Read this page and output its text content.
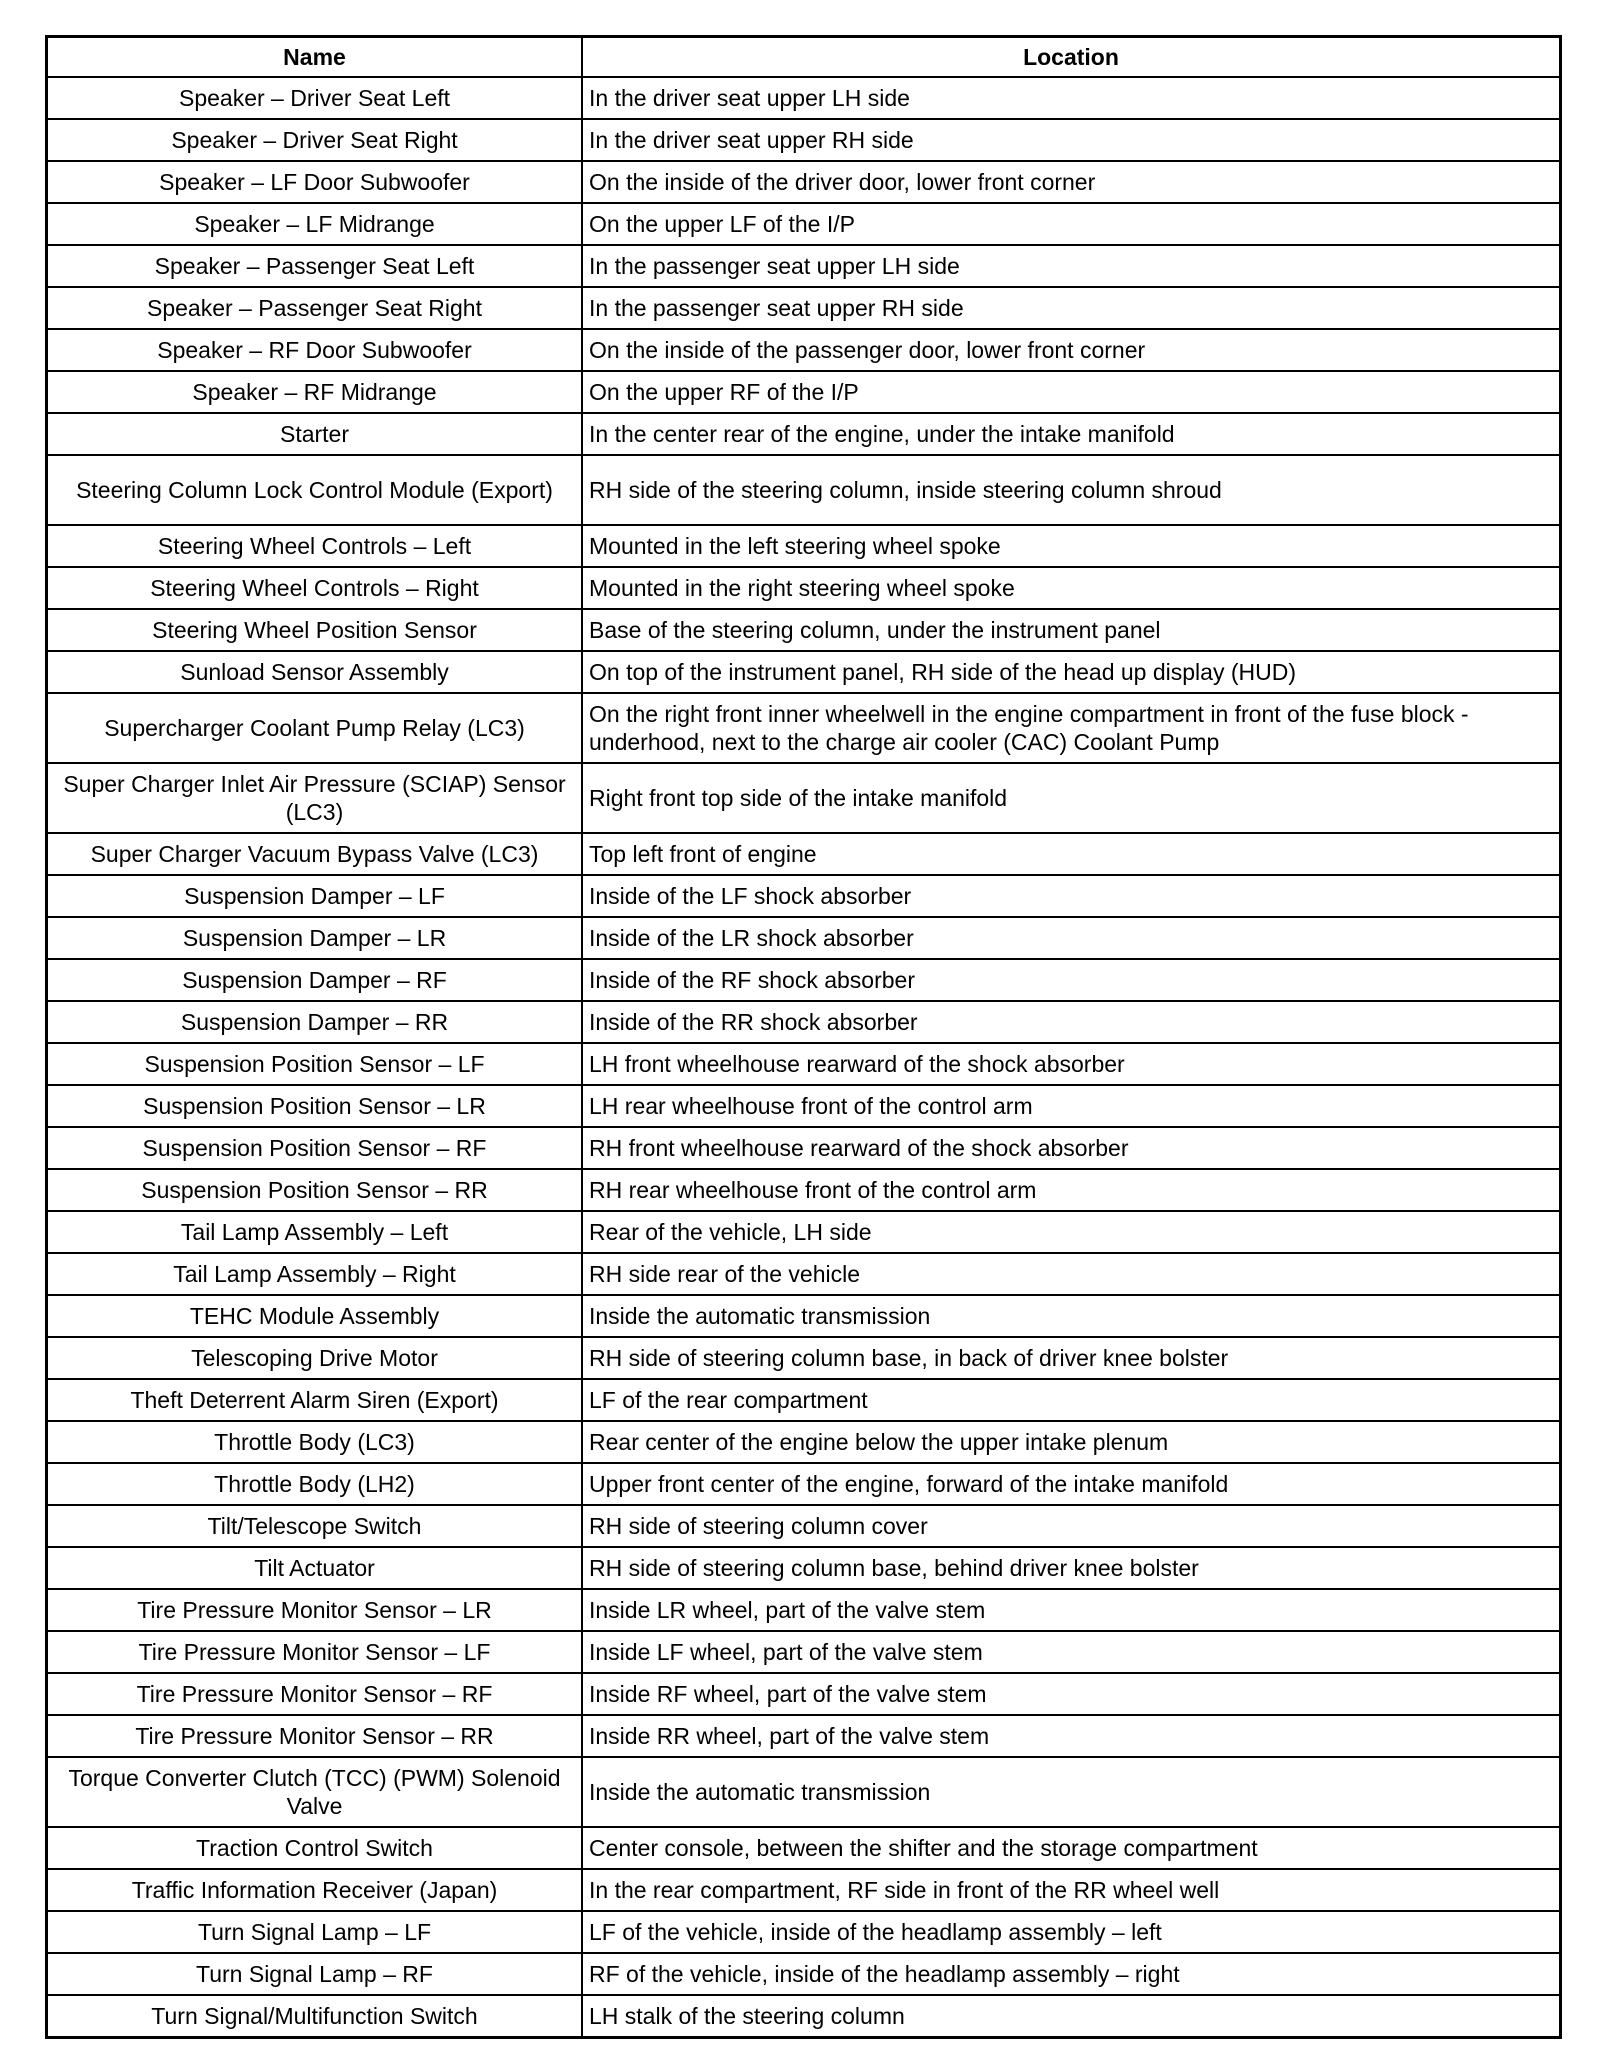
Name	Location
Speaker – Driver Seat Left	In the driver seat upper LH side
Speaker – Driver Seat Right	In the driver seat upper RH side
Speaker – LF Door Subwoofer	On the inside of the driver door, lower front corner
Speaker – LF Midrange	On the upper LF of the I/P
Speaker – Passenger Seat Left	In the passenger seat upper LH side
Speaker – Passenger Seat Right	In the passenger seat upper RH side
Speaker – RF Door Subwoofer	On the inside of the passenger door, lower front corner
Speaker – RF Midrange	On the upper RF of the I/P
Starter	In the center rear of the engine, under the intake manifold
Steering Column Lock Control Module (Export)	RH side of the steering column, inside steering column shroud
Steering Wheel Controls – Left	Mounted in the left steering wheel spoke
Steering Wheel Controls – Right	Mounted in the right steering wheel spoke
Steering Wheel Position Sensor	Base of the steering column, under the instrument panel
Sunload Sensor Assembly	On top of the instrument panel, RH side of the head up display (HUD)
Supercharger Coolant Pump Relay (LC3)	On the right front inner wheelwell in the engine compartment in front of the fuse block - underhood, next to the charge air cooler (CAC) Coolant Pump
Super Charger Inlet Air Pressure (SCIAP) Sensor (LC3)	Right front top side of the intake manifold
Super Charger Vacuum Bypass Valve (LC3)	Top left front of engine
Suspension Damper – LF	Inside of the LF shock absorber
Suspension Damper – LR	Inside of the LR shock absorber
Suspension Damper – RF	Inside of the RF shock absorber
Suspension Damper – RR	Inside of the RR shock absorber
Suspension Position Sensor – LF	LH front wheelhouse rearward of the shock absorber
Suspension Position Sensor – LR	LH rear wheelhouse front of the control arm
Suspension Position Sensor – RF	RH front wheelhouse rearward of the shock absorber
Suspension Position Sensor – RR	RH rear wheelhouse front of the control arm
Tail Lamp Assembly – Left	Rear of the vehicle, LH side
Tail Lamp Assembly – Right	RH side rear of the vehicle
TEHC Module Assembly	Inside the automatic transmission
Telescoping Drive Motor	RH side of steering column base, in back of driver knee bolster
Theft Deterrent Alarm Siren (Export)	LF of the rear compartment
Throttle Body (LC3)	Rear center of the engine below the upper intake plenum
Throttle Body (LH2)	Upper front center of the engine, forward of the intake manifold
Tilt/Telescope Switch	RH side of steering column cover
Tilt Actuator	RH side of steering column base, behind driver knee bolster
Tire Pressure Monitor Sensor – LR	Inside LR wheel, part of the valve stem
Tire Pressure Monitor Sensor – LF	Inside LF wheel, part of the valve stem
Tire Pressure Monitor Sensor – RF	Inside RF wheel, part of the valve stem
Tire Pressure Monitor Sensor – RR	Inside RR wheel, part of the valve stem
Torque Converter Clutch (TCC) (PWM) Solenoid Valve	Inside the automatic transmission
Traction Control Switch	Center console, between the shifter and the storage compartment
Traffic Information Receiver (Japan)	In the rear compartment, RF side in front of the RR wheel well
Turn Signal Lamp – LF	LF of the vehicle, inside of the headlamp assembly – left
Turn Signal Lamp – RF	RF of the vehicle, inside of the headlamp assembly – right
Turn Signal/Multifunction Switch	LH stalk of the steering column
